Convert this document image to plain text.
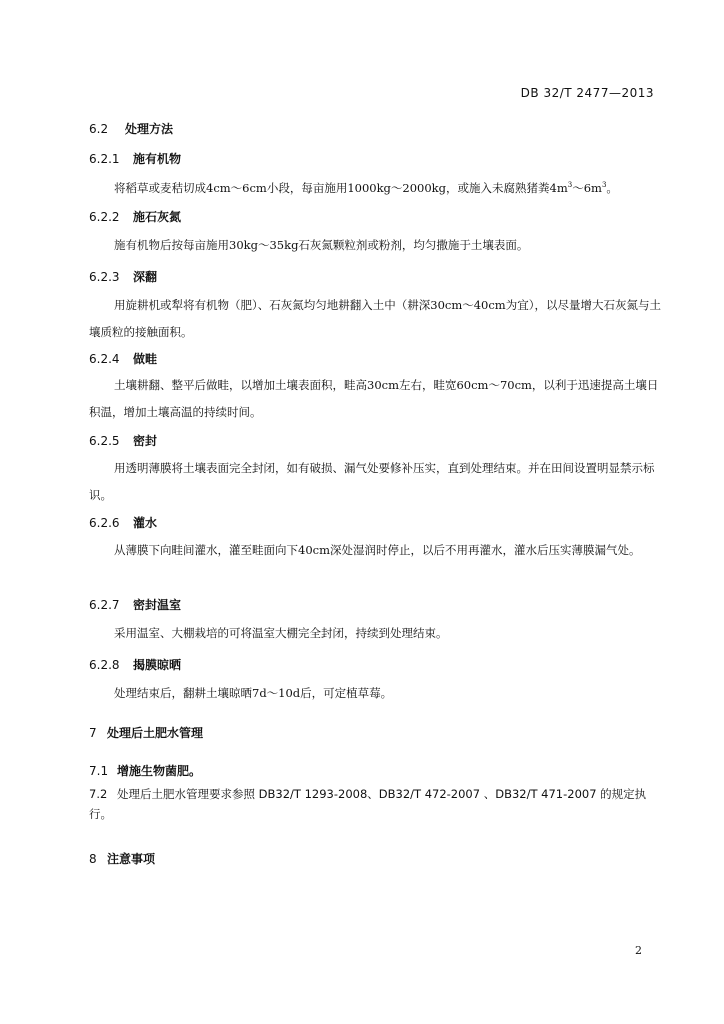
DB 32/T 2477—2013
6.2 处理方法
6.2.1 施有机物
将稻草或麦秸切成4cm～6cm小段，每亩施用1000kg～2000kg，或施入未腐熟猪粪$4m^3\sim 6m^3$。
6.2.2 施石灰氮
施有机物后按每亩施用30kg～35kg石灰氮颗粒剂或粉剂，均匀撒施于土壤表面。
6.2.3 深翻
用旋耕机或犁将有机物（肥）、石灰氮均匀地耕翻入土中（耕深30cm～40cm为宜），以尽量增大石灰氮与土壤质粒的接触面积。
6.2.4 做畦
土壤耕翻、整平后做畦，以增加土壤表面积，畦高30cm左右，畦宽60cm～70cm，以利于迅速提高土壤日积温，增加土壤高温的持续时间。
6.2.5 密封
用透明薄膜将土壤表面完全封闭，如有破损、漏气处要修补压实，直到处理结束。并在田间设置明显禁示标识。
6.2.6 灌水
从薄膜下向畦间灌水，灌至畦面向下40cm深处湿润时停止，以后不用再灌水，灌水后压实薄膜漏气处。
6.2.7 密封温室
采用温室、大棚栽培的可将温室大棚完全封闭，持续到处理结束。
6.2.8 揭膜晾晒
处理结束后，翻耕土壤晾晒7d～10d后，可定植草莓。
7 处理后土肥水管理
7.1 增施生物菌肥。
7.2 处理后土肥水管理要求参照 DB32/T 1293-2008、DB32/T 472-2007 、DB32/T 471-2007 的规定执行。
8 注意事项
2
